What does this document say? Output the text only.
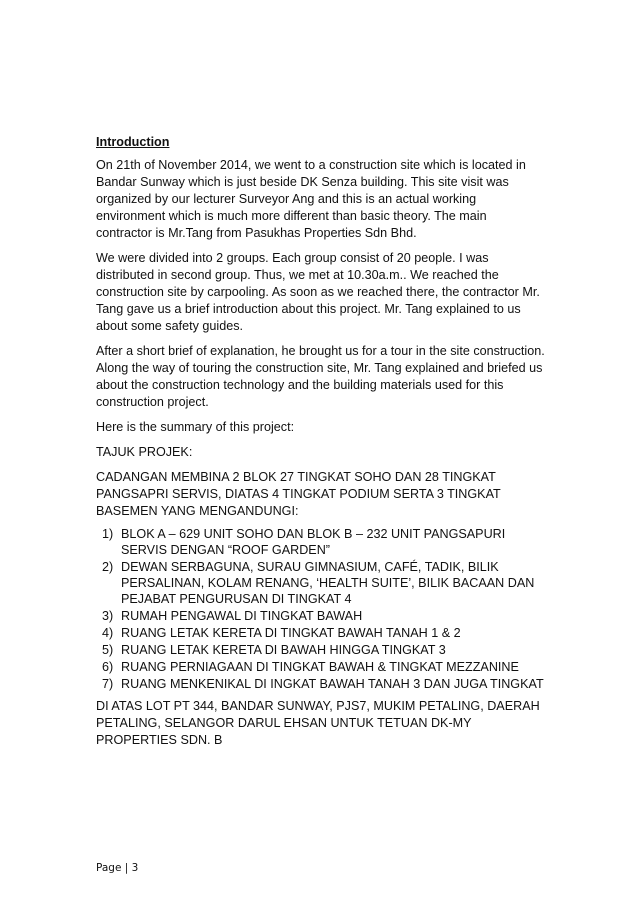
Introduction

On 21th of November 2014, we went to a construction site which is located in Bandar Sunway which is just beside DK Senza building. This site visit was organized by our lecturer Surveyor Ang and this is an actual working environment which is much more different than basic theory. The main contractor is Mr.Tang from Pasukhas Properties Sdn Bhd.

We were divided into 2 groups. Each group consist of 20 people. I was distributed in second group. Thus, we met at 10.30a.m.. We reached the construction site by carpooling. As soon as we reached there, the contractor Mr. Tang gave us a brief introduction about this project. Mr. Tang explained to us about some safety guides.

After a short brief of explanation, he brought us for a tour in the site construction. Along the way of touring the construction site, Mr. Tang explained and briefed us about the construction technology and the building materials used for this construction project.

Here is the summary of this project:

TAJUK PROJEK:

CADANGAN MEMBINA 2 BLOK 27 TINGKAT SOHO DAN 28 TINGKAT PANGSAPRI SERVIS, DIATAS 4 TINGKAT PODIUM SERTA 3 TINGKAT BASEMEN YANG MENGANDUNGI:

1) BLOK A – 629 UNIT SOHO DAN BLOK B – 232 UNIT PANGSAPURI SERVIS DENGAN “ROOF GARDEN”
2) DEWAN SERBAGUNA, SURAU GIMNASIUM, CAFÉ, TADIK, BILIK PERSALINAN, KOLAM RENANG, ‘HEALTH SUITE’, BILIK BACAAN DAN PEJABAT PENGURUSAN DI TINGKAT 4
3) RUMAH PENGAWAL DI TINGKAT BAWAH
4) RUANG LETAK KERETA DI TINGKAT BAWAH TANAH 1 & 2
5) RUANG LETAK KERETA DI BAWAH HINGGA TINGKAT 3
6) RUANG PERNIAGAAN DI TINGKAT BAWAH & TINGKAT MEZZANINE
7) RUANG MENKENIKAL DI INGKAT BAWAH TANAH 3 DAN JUGA TINGKAT

DI ATAS LOT PT 344, BANDAR SUNWAY, PJS7, MUKIM PETALING, DAERAH PETALING, SELANGOR DARUL EHSAN UNTUK TETUAN DK-MY PROPERTIES SDN. B

Page | 3
